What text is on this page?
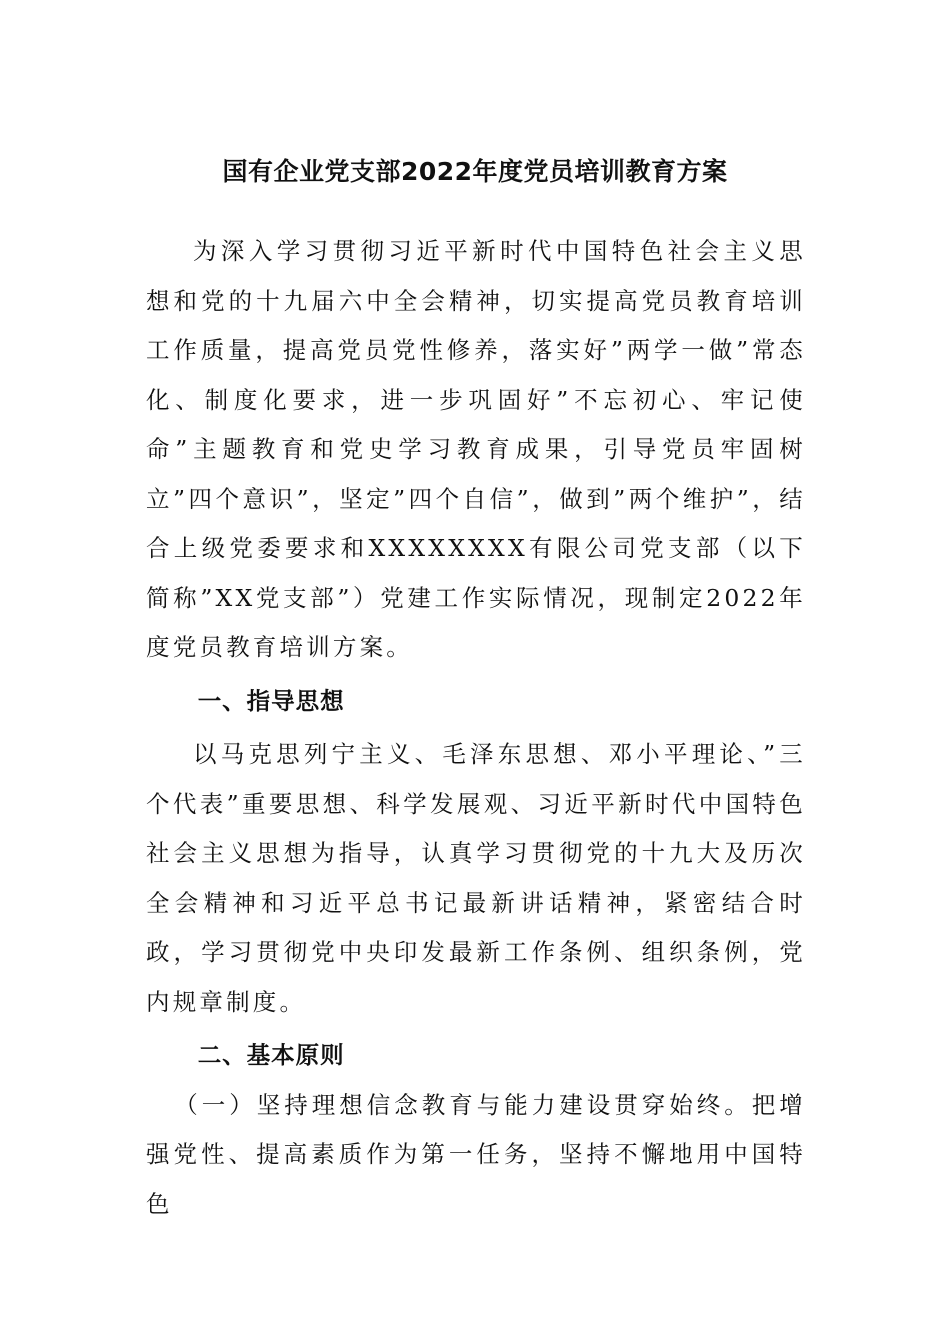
国有企业党支部2022年度党员培训教育方案

为深入学习贯彻习近平新时代中国特色社会主义思想和党的十九届六中全会精神，切实提高党员教育培训工作质量，提高党员党性修养，落实好”两学一做”常态化、制度化要求，进一步巩固好”不忘初心、牢记使命”主题教育和党史学习教育成果，引导党员牢固树立”四个意识”，坚定”四个自信”，做到”两个维护”，结合上级党委要求和XXXXXXXX有限公司党支部（以下简称”XX党支部”）党建工作实际情况，现制定2022年度党员教育培训方案。

一、指导思想

以马克思列宁主义、毛泽东思想、邓小平理论、”三个代表”重要思想、科学发展观、习近平新时代中国特色社会主义思想为指导，认真学习贯彻党的十九大及历次全会精神和习近平总书记最新讲话精神，紧密结合时政，学习贯彻党中央印发最新工作条例、组织条例，党内规章制度。

二、基本原则

（一）坚持理想信念教育与能力建设贯穿始终。把增强党性、提高素质作为第一任务，坚持不懈地用中国特色
